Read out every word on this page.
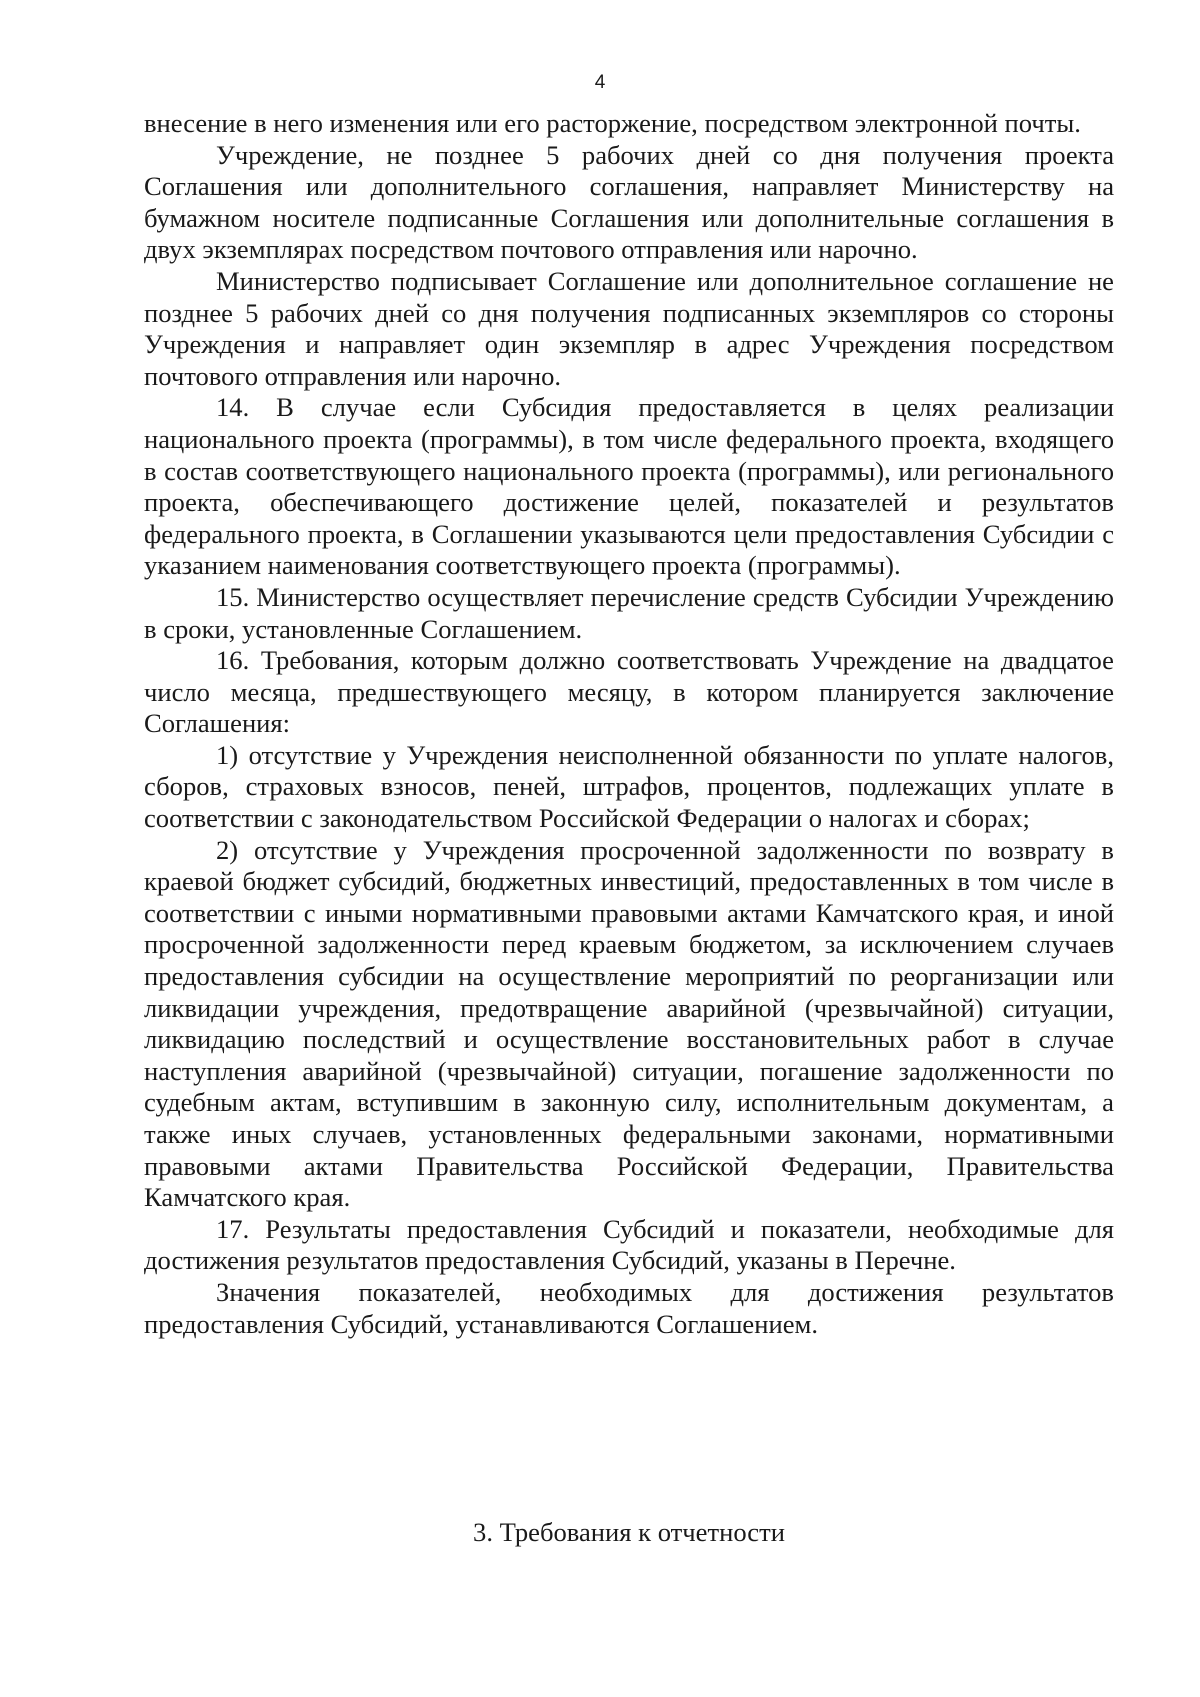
4

внесение в него изменения или его расторжение, посредством электронной почты.

Учреждение, не позднее 5 рабочих дней со дня получения проекта Соглашения или дополнительного соглашения, направляет Министерству на бумажном носителе подписанные Соглашения или дополнительные соглашения в двух экземплярах посредством почтового отправления или нарочно.

Министерство подписывает Соглашение или дополнительное соглашение не позднее 5 рабочих дней со дня получения подписанных экземпляров со стороны Учреждения и направляет один экземпляр в адрес Учреждения посредством почтового отправления или нарочно.

14. В случае если Субсидия предоставляется в целях реализации национального проекта (программы), в том числе федерального проекта, входящего в состав соответствующего национального проекта (программы), или регионального проекта, обеспечивающего достижение целей, показателей и результатов федерального проекта, в Соглашении указываются цели предоставления Субсидии с указанием наименования соответствующего проекта (программы).

15. Министерство осуществляет перечисление средств Субсидии Учреждению в сроки, установленные Соглашением.

16. Требования, которым должно соответствовать Учреждение на двадцатое число месяца, предшествующего месяцу, в котором планируется заключение Соглашения:

1) отсутствие у Учреждения неисполненной обязанности по уплате налогов, сборов, страховых взносов, пеней, штрафов, процентов, подлежащих уплате в соответствии с законодательством Российской Федерации о налогах и сборах;

2) отсутствие у Учреждения просроченной задолженности по возврату в краевой бюджет субсидий, бюджетных инвестиций, предоставленных в том числе в соответствии с иными нормативными правовыми актами Камчатского края, и иной просроченной задолженности перед краевым бюджетом, за исключением случаев предоставления субсидии на осуществление мероприятий по реорганизации или ликвидации учреждения, предотвращение аварийной (чрезвычайной) ситуации, ликвидацию последствий и осуществление восстановительных работ в случае наступления аварийной (чрезвычайной) ситуации, погашение задолженности по судебным актам, вступившим в законную силу, исполнительным документам, а также иных случаев, установленных федеральными законами, нормативными правовыми актами Правительства Российской Федерации, Правительства Камчатского края.

17. Результаты предоставления Субсидий и показатели, необходимые для достижения результатов предоставления Субсидий, указаны в Перечне.

Значения показателей, необходимых для достижения результатов предоставления Субсидий, устанавливаются Соглашением.

3. Требования к отчетности
